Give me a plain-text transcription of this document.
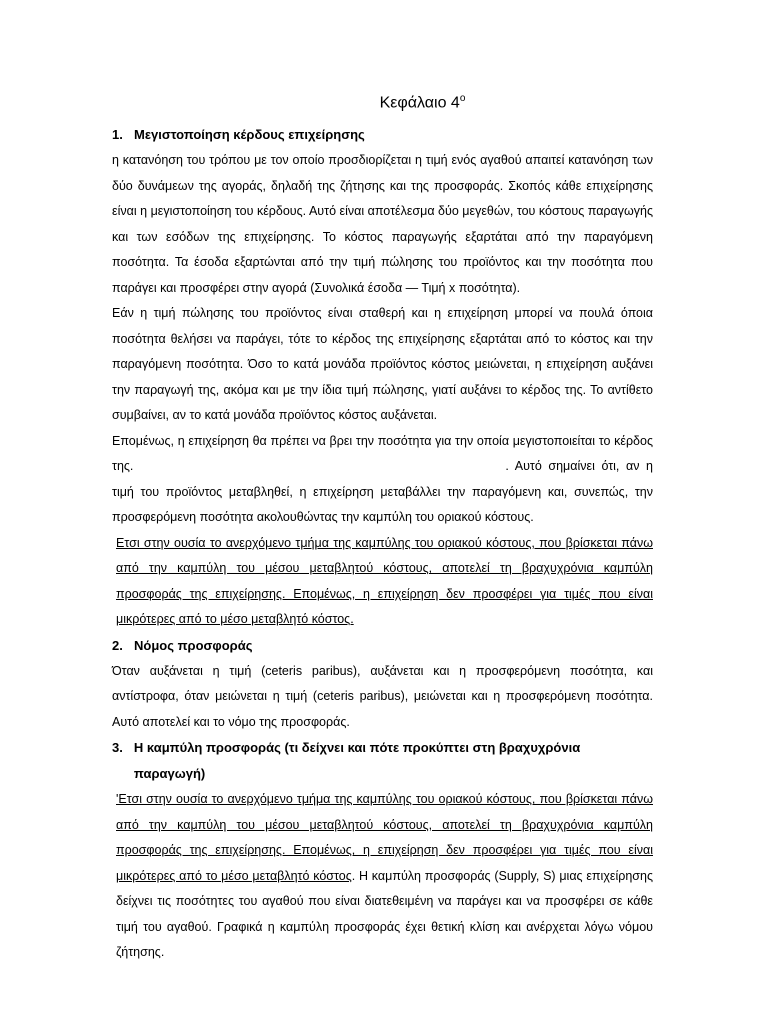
Κεφάλαιο $4^o$
1. Μεγιστοποίηση κέρδους επιχείρησης

η κατανόηση του τρόπου με τον οποίο προσδιορίζεται η τιμή ενός αγαθού απαιτεί κατανόηση των δύο δυνάμεων της αγοράς, δηλαδή της ζήτησης και της προσφοράς. Σκοπός κάθε επιχείρησης είναι η μεγιστοποίηση του κέρδους. Αυτό είναι αποτέλεσμα δύο μεγεθών, του κόστους παραγωγής και των εσόδων της επιχείρησης. Το κόστος παραγωγής εξαρτάται από την παραγόμενη ποσότητα. Τα έσοδα εξαρτώνται από την τιμή πώλησης του προϊόντος και την ποσότητα που παράγει και προσφέρει στην αγορά (Συνολικά έσοδα — Τιμή x ποσότητα).

Εάν η τιμή πώλησης του προϊόντος είναι σταθερή και η επιχείρηση μπορεί να πουλά όποια ποσότητα θελήσει να παράγει, τότε το κέρδος της επιχείρησης εξαρτάται από το κόστος και την παραγόμενη ποσότητα. Όσο το κατά μονάδα προϊόντος κόστος μειώνεται, η επιχείρηση αυξάνει την παραγωγή της, ακόμα και με την ίδια τιμή πώλησης, γιατί αυξάνει το κέρδος της. Το αντίθετο συμβαίνει, αν το κατά μονάδα προϊόντος κόστος αυξάνεται.

Επομένως, η επιχείρηση θα πρέπει να βρει την ποσότητα για την οποία μεγιστοποιείται το κέρδος της.	. Αυτό σημαίνει ότι, αν η τιμή του προϊόντος μεταβληθεί, η επιχείρηση μεταβάλλει την παραγόμενη και, συνεπώς, την προσφερόμενη ποσότητα ακολουθώντας την καμπύλη του οριακού κόστους.

Ετσι στην ουσία το ανερχόμενο τμήμα της καμπύλης του οριακού κόστους, που βρίσκεται πάνω από την καμπύλη του μέσου μεταβλητού κόστους, αποτελεί τη βραχυχρόνια καμπύλη προσφοράς της επιχείρησης. Επομένως, η επιχείρηση δεν προσφέρει για τιμές που είναι μικρότερες από το μέσο μεταβλητό κόστος.

2. Νόμος προσφοράς

Όταν αυξάνεται η τιμή (ceteris paribus), αυξάνεται και η προσφερόμενη ποσότητα, και αντίστροφα, όταν μειώνεται η τιμή (ceteris paribus), μειώνεται και η προσφερόμενη ποσότητα. Αυτό αποτελεί και το νόμο της προσφοράς.

3. Η καμπύλη προσφοράς (τι δείχνει και πότε προκύπτει στη βραχυχρόνια παραγωγή)

'Ετσι στην ουσία το ανερχόμενο τμήμα της καμπύλης του οριακού κόστους, που βρίσκεται πάνω από την καμπύλη του μέσου μεταβλητού κόστους, αποτελεί τη βραχυχρόνια καμπύλη προσφοράς της επιχείρησης. Επομένως, η επιχείρηση δεν προσφέρει για τιμές που είναι μικρότερες από το μέσο μεταβλητό κόστος. Η καμπύλη προσφοράς (Supply, S) μιας επιχείρησης δείχνει τις ποσότητες του αγαθού που είναι διατεθειμένη να παράγει και να προσφέρει σε κάθε τιμή του αγαθού. Γραφικά η καμπύλη προσφοράς έχει θετική κλίση και ανέρχεται λόγω νόμου ζήτησης.
